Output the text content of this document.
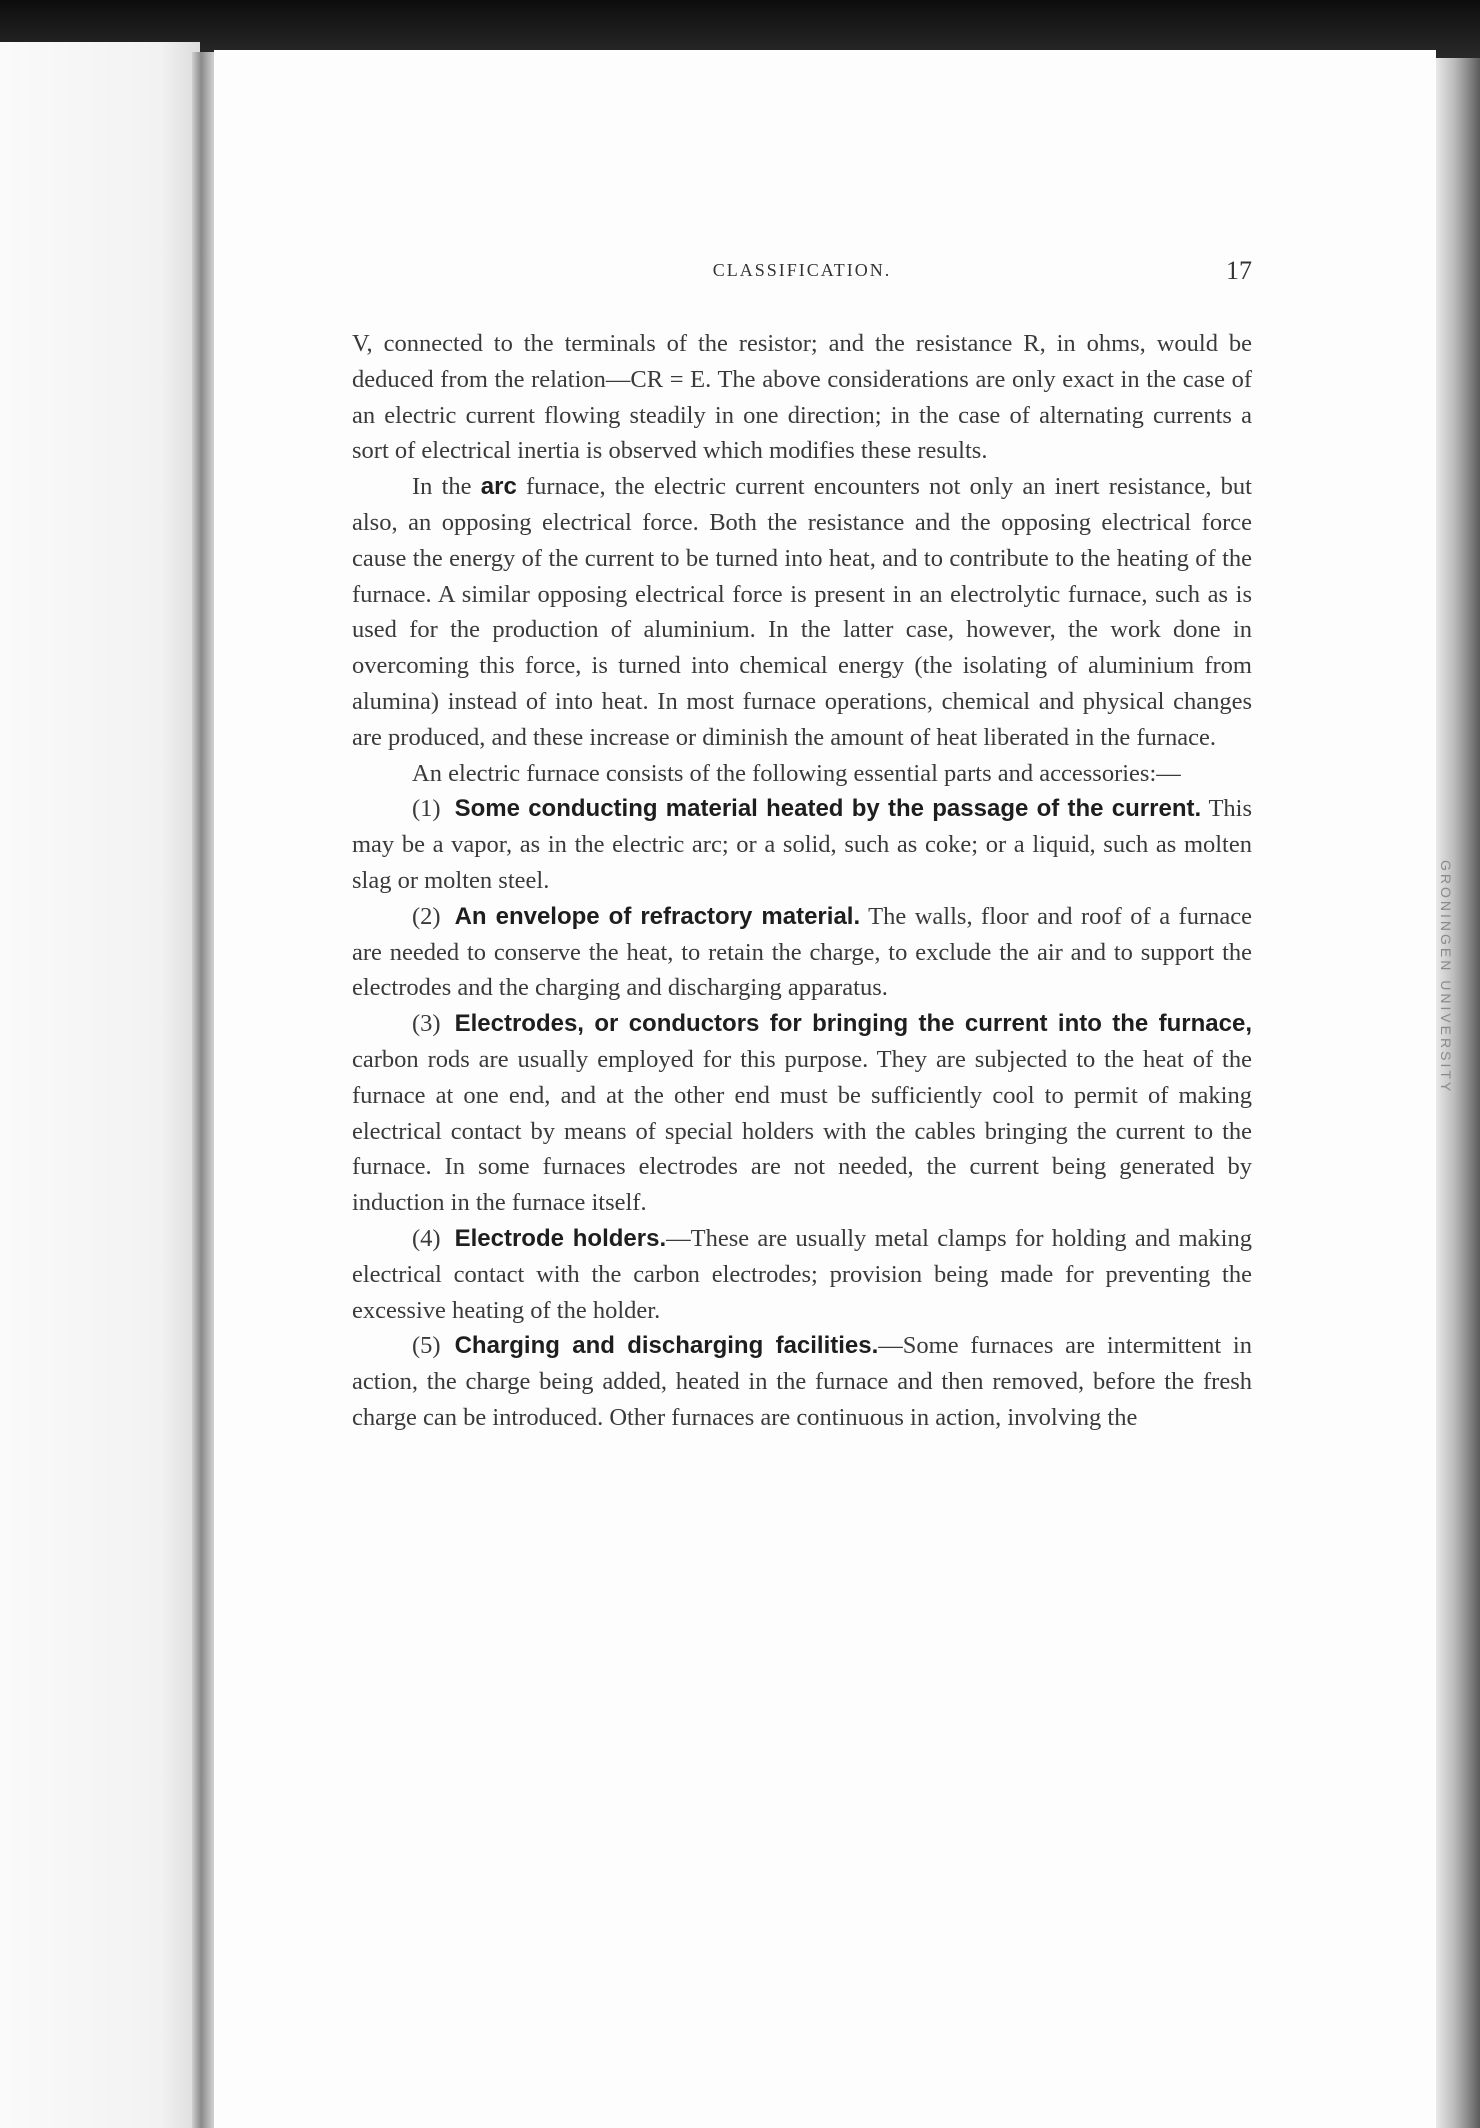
GRONINGEN UNIVERSITY
CLASSIFICATION.	17

V, connected to the terminals of the resistor; and the resistance R, in ohms, would be deduced from the relation—CR = E. The above considerations are only exact in the case of an electric current flowing steadily in one direction; in the case of alternating currents a sort of electrical inertia is observed which modifies these results.

In the arc furnace, the electric current encounters not only an inert resistance, but also, an opposing electrical force. Both the resistance and the opposing electrical force cause the energy of the current to be turned into heat, and to contribute to the heating of the furnace. A similar opposing electrical force is present in an electrolytic furnace, such as is used for the production of aluminium. In the latter case, however, the work done in overcoming this force, is turned into chemical energy (the isolating of aluminium from alumina) instead of into heat. In most furnace operations, chemical and physical changes are produced, and these increase or diminish the amount of heat liberated in the furnace.

An electric furnace consists of the following essential parts and accessories:—

(1) Some conducting material heated by the passage of the current. This may be a vapor, as in the electric arc; or a solid, such as coke; or a liquid, such as molten slag or molten steel.

(2) An envelope of refractory material. The walls, floor and roof of a furnace are needed to conserve the heat, to retain the charge, to exclude the air and to support the electrodes and the charging and discharging apparatus.

(3) Electrodes, or conductors for bringing the current into the furnace, carbon rods are usually employed for this purpose. They are subjected to the heat of the furnace at one end, and at the other end must be sufficiently cool to permit of making electrical contact by means of special holders with the cables bringing the current to the furnace. In some furnaces electrodes are not needed, the current being generated by induction in the furnace itself.

(4) Electrode holders.—These are usually metal clamps for holding and making electrical contact with the carbon electrodes; provision being made for preventing the excessive heating of the holder.

(5) Charging and discharging facilities.—Some furnaces are intermittent in action, the charge being added, heated in the furnace and then removed, before the fresh charge can be introduced. Other furnaces are continuous in action, involving the
